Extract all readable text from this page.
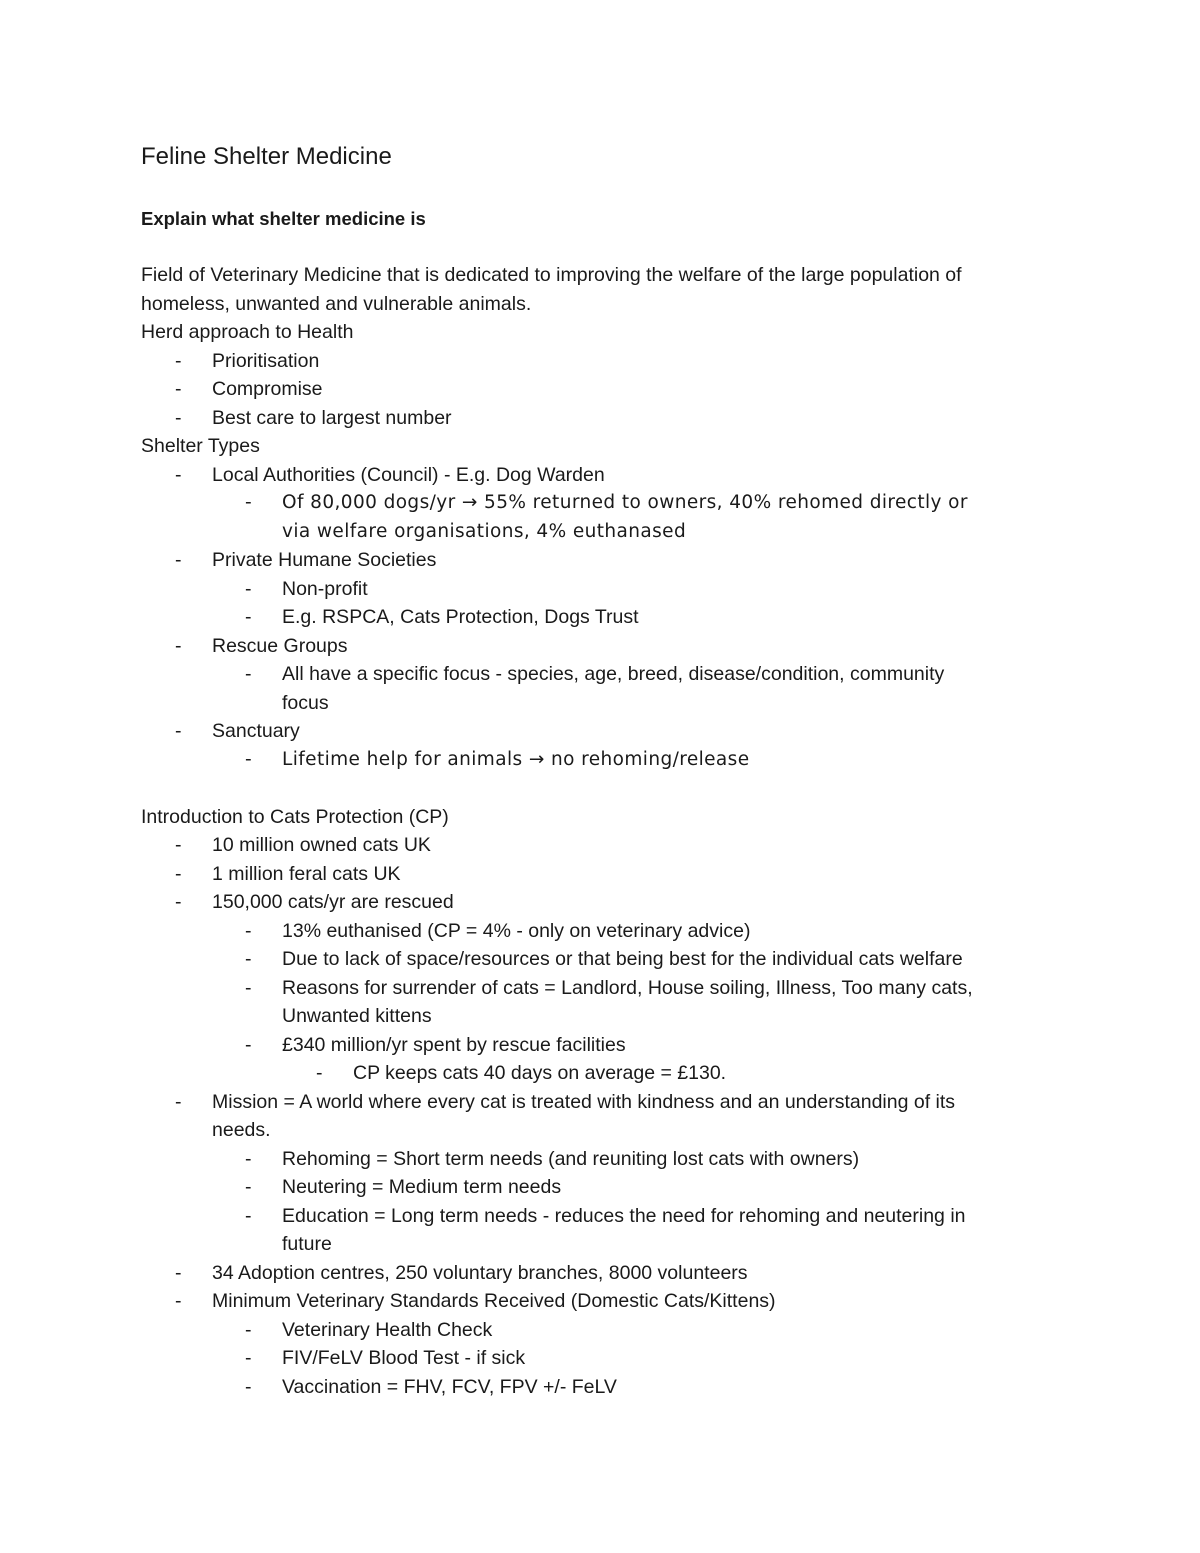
Feline Shelter Medicine
Explain what shelter medicine is

Field of Veterinary Medicine that is dedicated to improving the welfare of the large population of

homeless, unwanted and vulnerable animals.

Herd approach to Health

- Prioritisation
- Compromise
- Best care to largest number

Shelter Types

- Local Authorities (Council) - E.g. Dog Warden
- Of 80,000 dogs/yr → 55% returned to owners, 40% rehomed directly or
via welfare organisations, 4% euthanased
- Private Humane Societies
- Non-profit
- E.g. RSPCA, Cats Protection, Dogs Trust
- Rescue Groups
- All have a specific focus - species, age, breed, disease/condition, community
focus
- Sanctuary
- Lifetime help for animals → no rehoming/release

Introduction to Cats Protection (CP)

- 10 million owned cats UK
- 1 million feral cats UK
- 150,000 cats/yr are rescued
- 13% euthanised (CP = 4% - only on veterinary advice)
- Due to lack of space/resources or that being best for the individual cats welfare
- Reasons for surrender of cats = Landlord, House soiling, Illness, Too many cats,
Unwanted kittens
- £340 million/yr spent by rescue facilities
- CP keeps cats 40 days on average = £130.
- Mission = A world where every cat is treated with kindness and an understanding of its
needs.
- Rehoming = Short term needs (and reuniting lost cats with owners)
- Neutering = Medium term needs
- Education = Long term needs - reduces the need for rehoming and neutering in
future
- 34 Adoption centres, 250 voluntary branches, 8000 volunteers
- Minimum Veterinary Standards Received (Domestic Cats/Kittens)
- Veterinary Health Check
- FIV/FeLV Blood Test - if sick
- Vaccination = FHV, FCV, FPV +/- FeLV
